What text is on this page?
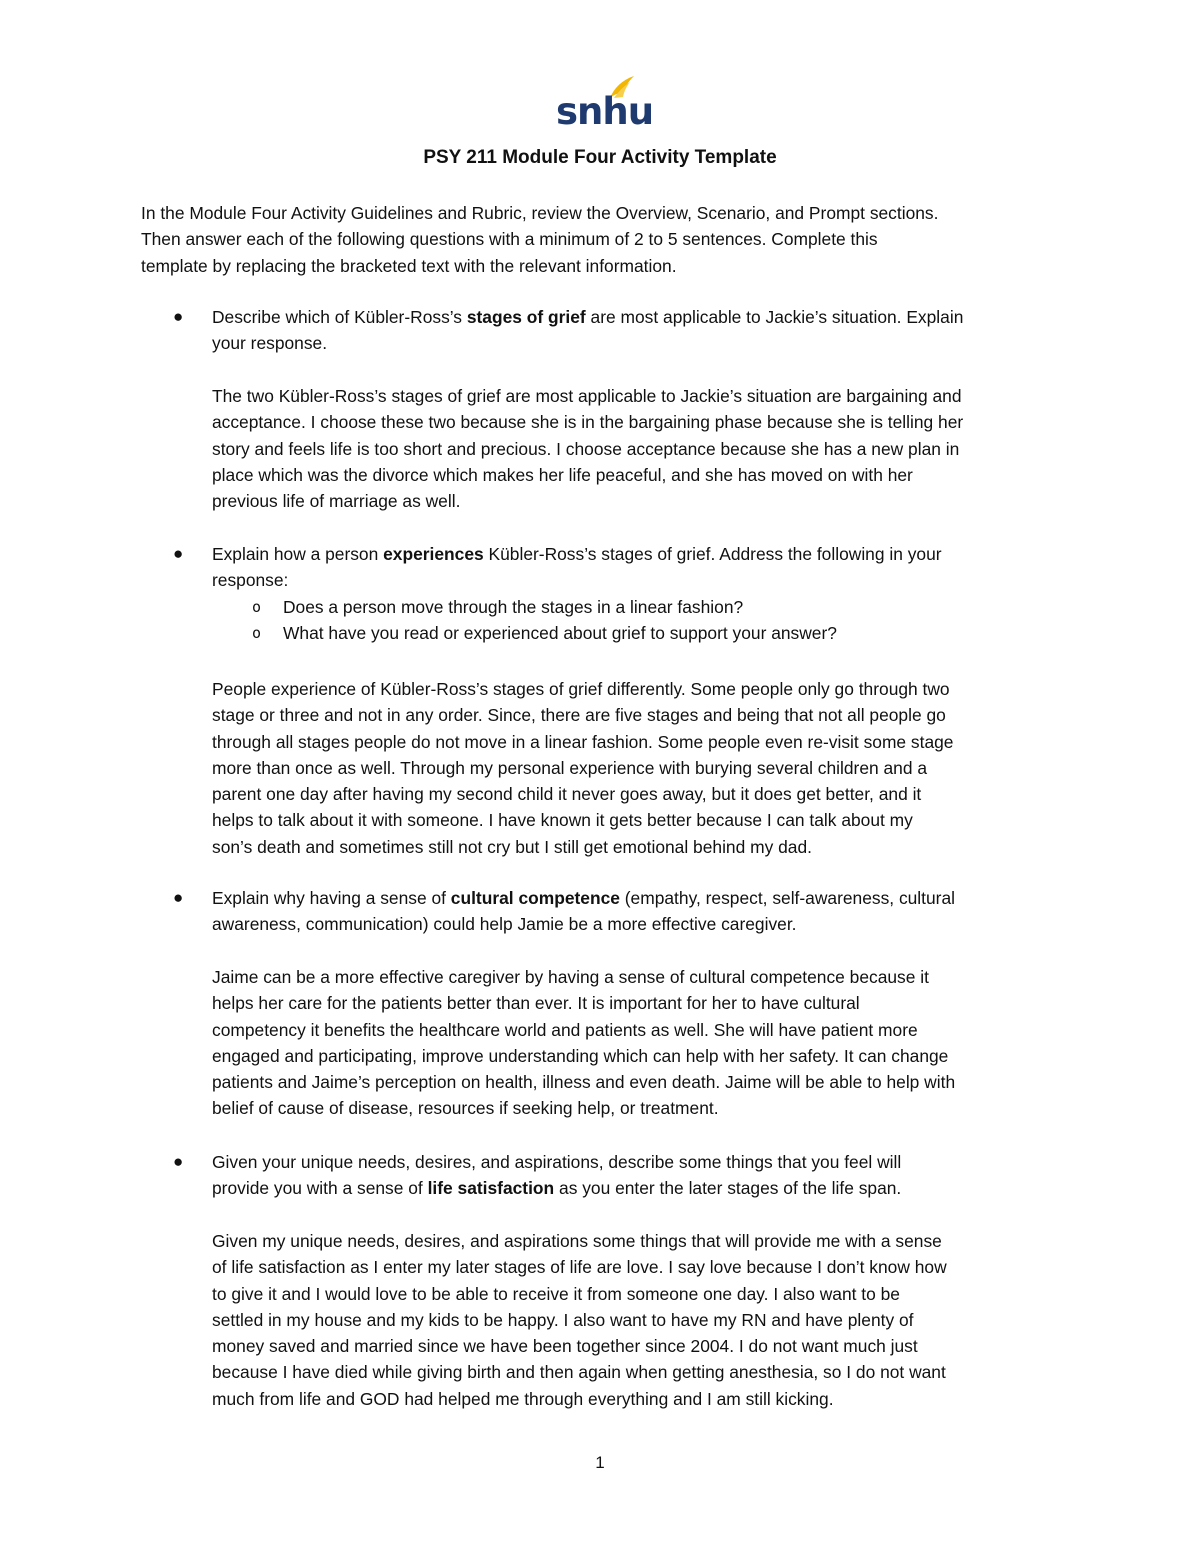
snhu
PSY 211 Module Four Activity Template
In the Module Four Activity Guidelines and Rubric, review the Overview, Scenario, and Prompt sections.
Then answer each of the following questions with a minimum of 2 to 5 sentences. Complete this
template by replacing the bracketed text with the relevant information.
● Describe which of Kübler-Ross’s stages of grief are most applicable to Jackie’s situation. Explain
your response.
The two Kübler-Ross’s stages of grief are most applicable to Jackie’s situation are bargaining and
acceptance. I choose these two because she is in the bargaining phase because she is telling her
story and feels life is too short and precious. I choose acceptance because she has a new plan in
place which was the divorce which makes her life peaceful, and she has moved on with her
previous life of marriage as well.
● Explain how a person experiences Kübler-Ross’s stages of grief. Address the following in your
response:
o Does a person move through the stages in a linear fashion?
o What have you read or experienced about grief to support your answer?
People experience of Kübler-Ross’s stages of grief differently. Some people only go through two
stage or three and not in any order. Since, there are five stages and being that not all people go
through all stages people do not move in a linear fashion. Some people even re-visit some stage
more than once as well. Through my personal experience with burying several children and a
parent one day after having my second child it never goes away, but it does get better, and it
helps to talk about it with someone. I have known it gets better because I can talk about my
son’s death and sometimes still not cry but I still get emotional behind my dad.
● Explain why having a sense of cultural competence (empathy, respect, self-awareness, cultural
awareness, communication) could help Jamie be a more effective caregiver.
Jaime can be a more effective caregiver by having a sense of cultural competence because it
helps her care for the patients better than ever. It is important for her to have cultural
competency it benefits the healthcare world and patients as well. She will have patient more
engaged and participating, improve understanding which can help with her safety. It can change
patients and Jaime’s perception on health, illness and even death. Jaime will be able to help with
belief of cause of disease, resources if seeking help, or treatment.
● Given your unique needs, desires, and aspirations, describe some things that you feel will
provide you with a sense of life satisfaction as you enter the later stages of the life span.
Given my unique needs, desires, and aspirations some things that will provide me with a sense
of life satisfaction as I enter my later stages of life are love. I say love because I don’t know how
to give it and I would love to be able to receive it from someone one day. I also want to be
settled in my house and my kids to be happy. I also want to have my RN and have plenty of
money saved and married since we have been together since 2004. I do not want much just
because I have died while giving birth and then again when getting anesthesia, so I do not want
much from life and GOD had helped me through everything and I am still kicking.
1
